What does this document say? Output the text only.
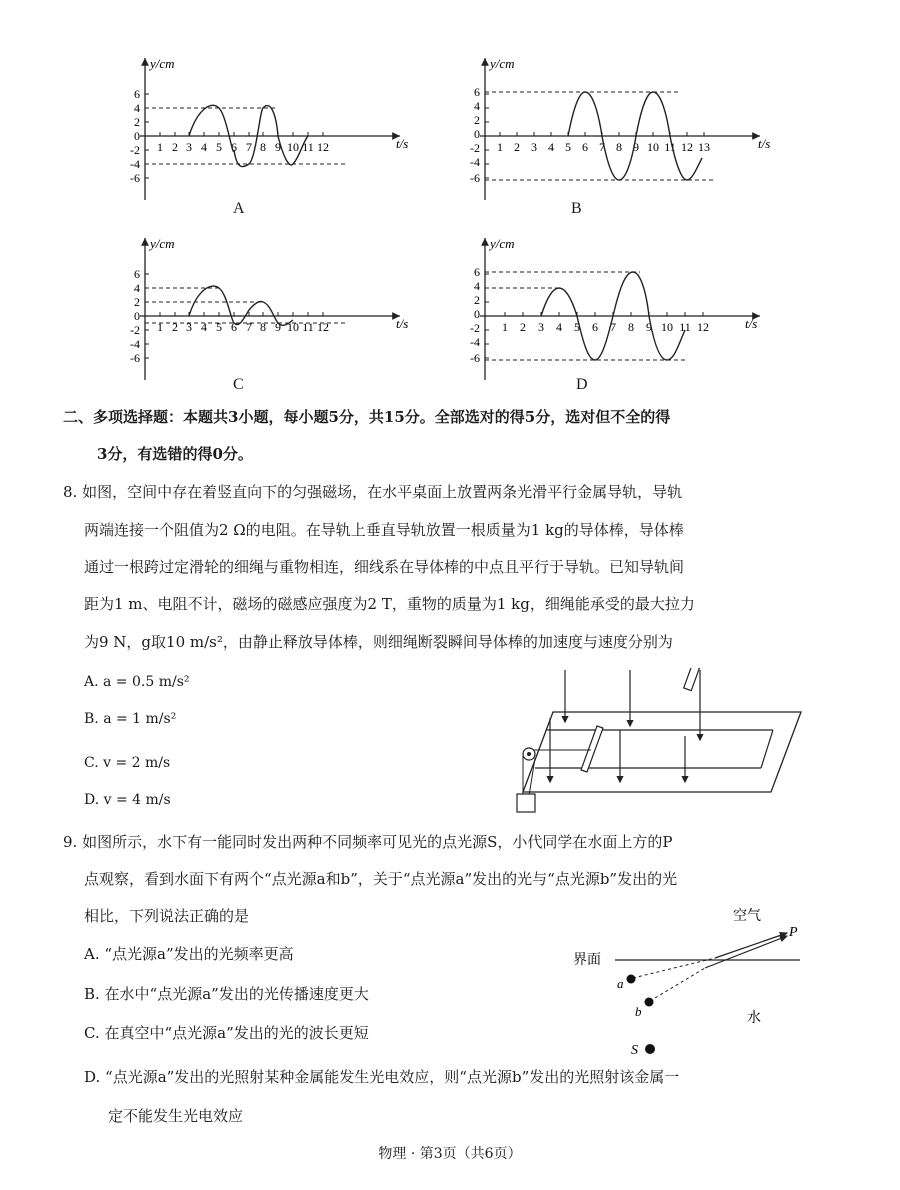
y/cm
t/s
6
4
2
0
-2
-4
-6
1 2 3 4 5 6 7 8 9 10 11 12
A
y/cm
t/s
6
4
2
0
-2
-4
-6
1 2 3 4 5 6 7 8 9 10 11 12 13
B
y/cm
t/s
6
4
2
0
-2
-4
-6
1 2 3 4 5 6 7 8 9 10 11 12
C
y/cm
t/s
6
4
2
0
-2
-4
-6
1 2 3 4 5 6 7 8 9 10 11 12
D
二、多项选择题：本题共3小题，每小题5分，共15分。全部选对的得5分，选对但不全的得
3分，有选错的得0分。
8. 如图，空间中存在着竖直向下的匀强磁场，在水平桌面上放置两条光滑平行金属导轨，导轨
两端连接一个阻值为2 Ω的电阻。在导轨上垂直导轨放置一根质量为1 kg的导体棒，导体棒
通过一根跨过定滑轮的细绳与重物相连，细线系在导体棒的中点且平行于导轨。已知导轨间
距为1 m、电阻不计，磁场的磁感应强度为2 T，重物的质量为1 kg，细绳能承受的最大拉力
为9 N，g取10 m/s²，由静止释放导体棒，则细绳断裂瞬间导体棒的加速度与速度分别为
A. a = 0.5 m/s²
B. a = 1 m/s²
C. v = 2 m/s
D. v = 4 m/s
9. 如图所示，水下有一能同时发出两种不同频率可见光的点光源S，小代同学在水面上方的P
点观察，看到水面下有两个“点光源a和b”，关于“点光源a”发出的光与“点光源b”发出的光
相比，下列说法正确的是
A. “点光源a”发出的光频率更高
B. 在水中“点光源a”发出的光传播速度更大
C. 在真空中“点光源a”发出的光的波长更短
D. “点光源a”发出的光照射某种金属能发生光电效应，则“点光源b”发出的光照射该金属一
定不能发生光电效应
空气
界面
P
a
b	水
S
物理 · 第3页（共6页）
